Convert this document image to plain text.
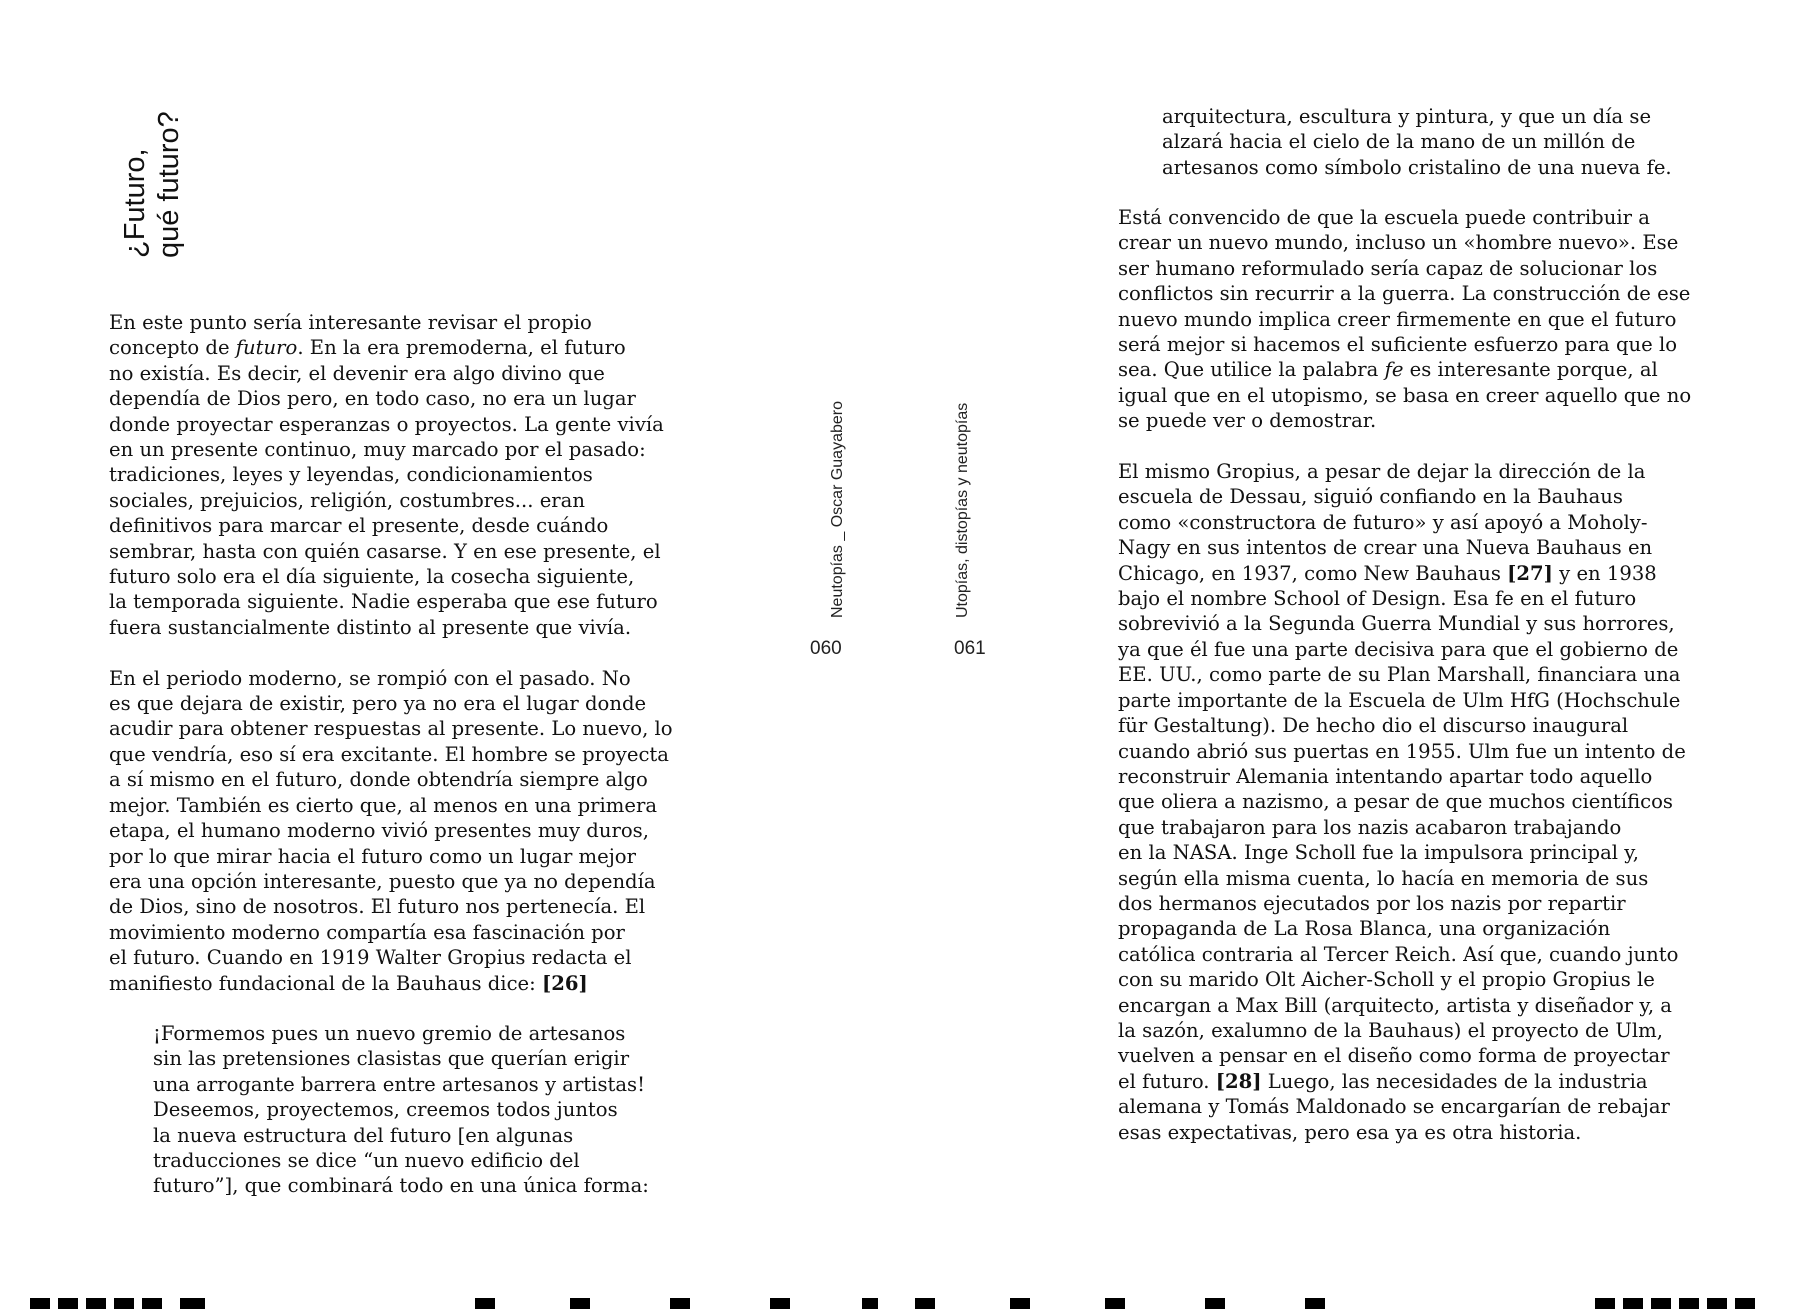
¿Futuro, qué futuro?

En este punto sería interesante revisar el propio
concepto de futuro. En la era premoderna, el futuro
no existía. Es decir, el devenir era algo divino que
dependía de Dios pero, en todo caso, no era un lugar
donde proyectar esperanzas o proyectos. La gente vivía
en un presente continuo, muy marcado por el pasado:
tradiciones, leyes y leyendas, condicionamientos
sociales, prejuicios, religión, costumbres... eran
definitivos para marcar el presente, desde cuándo
sembrar, hasta con quién casarse. Y en ese presente, el
futuro solo era el día siguiente, la cosecha siguiente,
la temporada siguiente. Nadie esperaba que ese futuro
fuera sustancialmente distinto al presente que vivía.

En el periodo moderno, se rompió con el pasado. No
es que dejara de existir, pero ya no era el lugar donde
acudir para obtener respuestas al presente. Lo nuevo, lo
que vendría, eso sí era excitante. El hombre se proyecta
a sí mismo en el futuro, donde obtendría siempre algo
mejor. También es cierto que, al menos en una primera
etapa, el humano moderno vivió presentes muy duros,
por lo que mirar hacia el futuro como un lugar mejor
era una opción interesante, puesto que ya no dependía
de Dios, sino de nosotros. El futuro nos pertenecía. El
movimiento moderno compartía esa fascinación por
el futuro. Cuando en 1919 Walter Gropius redacta el
manifiesto fundacional de la Bauhaus dice: [26]

¡Formemos pues un nuevo gremio de artesanos
sin las pretensiones clasistas que querían erigir
una arrogante barrera entre artesanos y artistas!
Deseemos, proyectemos, creemos todos juntos
la nueva estructura del futuro [en algunas
traducciones se dice “un nuevo edificio del
futuro”], que combinará todo en una única forma:
Neutopías _ Oscar Guayabero	Utopías, distopías y neutopías
060	061
arquitectura, escultura y pintura, y que un día se
alzará hacia el cielo de la mano de un millón de
artesanos como símbolo cristalino de una nueva fe.

Está convencido de que la escuela puede contribuir a
crear un nuevo mundo, incluso un «hombre nuevo». Ese
ser humano reformulado sería capaz de solucionar los
conflictos sin recurrir a la guerra. La construcción de ese
nuevo mundo implica creer firmemente en que el futuro
será mejor si hacemos el suficiente esfuerzo para que lo
sea. Que utilice la palabra fe es interesante porque, al
igual que en el utopismo, se basa en creer aquello que no
se puede ver o demostrar.

El mismo Gropius, a pesar de dejar la dirección de la
escuela de Dessau, siguió confiando en la Bauhaus
como «constructora de futuro» y así apoyó a Moholy-
Nagy en sus intentos de crear una Nueva Bauhaus en
Chicago, en 1937, como New Bauhaus [27] y en 1938
bajo el nombre School of Design. Esa fe en el futuro
sobrevivió a la Segunda Guerra Mundial y sus horrores,
ya que él fue una parte decisiva para que el gobierno de
EE. UU., como parte de su Plan Marshall, financiara una
parte importante de la Escuela de Ulm HfG (Hochschule
für Gestaltung). De hecho dio el discurso inaugural
cuando abrió sus puertas en 1955. Ulm fue un intento de
reconstruir Alemania intentando apartar todo aquello
que oliera a nazismo, a pesar de que muchos científicos
que trabajaron para los nazis acabaron trabajando
en la NASA. Inge Scholl fue la impulsora principal y,
según ella misma cuenta, lo hacía en memoria de sus
dos hermanos ejecutados por los nazis por repartir
propaganda de La Rosa Blanca, una organización
católica contraria al Tercer Reich. Así que, cuando junto
con su marido Olt Aicher-Scholl y el propio Gropius le
encargan a Max Bill (arquitecto, artista y diseñador y, a
la sazón, exalumno de la Bauhaus) el proyecto de Ulm,
vuelven a pensar en el diseño como forma de proyectar
el futuro. [28] Luego, las necesidades de la industria
alemana y Tomás Maldonado se encargarían de rebajar
esas expectativas, pero esa ya es otra historia.
